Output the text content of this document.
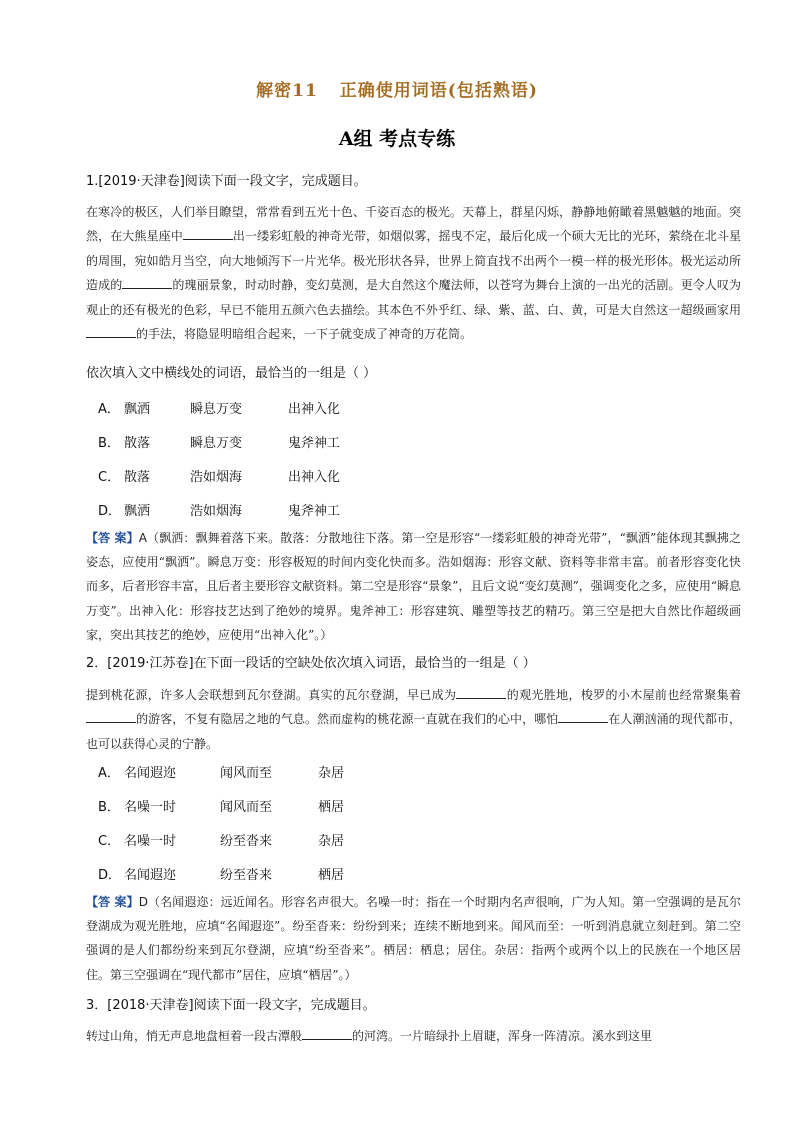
解密11 正确使用词语(包括熟语)
A组 考点专练
1.[2019·天津卷]阅读下面一段文字，完成题目。
在寒冷的极区，人们举目瞭望，常常看到五光十色、千姿百态的极光。天幕上，群星闪烁，静静地俯瞰着黑魆魆的地面。突然，在大熊星座中	出一缕彩虹般的神奇光带，如烟似雾，摇曳不定，最后化成一个硕大无比的光环，萦绕在北斗星的周围，宛如皓月当空，向大地倾泻下一片光华。极光形状各异，世界上简直找不出两个一模一样的极光形体。极光运动所造成的	的瑰丽景象，时动时静，变幻莫测，是大自然这个魔法师，以苍穹为舞台上演的一出光的活剧。更令人叹为观止的还有极光的色彩，早已不能用五颜六色去描绘。其本色不外乎红、绿、紫、蓝、白、黄，可是大自然这一超级画家用的手法，将隐显明暗组合起来，一下子就变成了神奇的万花筒。
依次填入文中横线处的词语，最恰当的一组是（ ）
A． 飘洒	瞬息万变	出神入化
B． 散落	瞬息万变	鬼斧神工
C． 散落	浩如烟海	出神入化
D． 飘洒	浩如烟海	鬼斧神工
【答 案】A（飘洒：飘舞着落下来。散落：分散地往下落。第一空是形容“一缕彩虹般的神奇光带”，“飘洒”能体现其飘拂之姿态，应使用“飘洒”。瞬息万变：形容极短的时间内变化快而多。浩如烟海：形容文献、资料等非常丰富。前者形容变化快而多，后者形容丰富，且后者主要形容文献资料。第二空是形容“景象”，且后文说“变幻莫测”，强调变化之多，应使用“瞬息万变”。出神入化：形容技艺达到了绝妙的境界。鬼斧神工：形容建筑、雕塑等技艺的精巧。第三空是把大自然比作超级画家，突出其技艺的绝妙，应使用“出神入化”。）
2．[2019·江苏卷]在下面一段话的空缺处依次填入词语，最恰当的一组是（ ）
提到桃花源，许多人会联想到瓦尔登湖。真实的瓦尔登湖，早已成为	的观光胜地，梭罗的小木屋前也经常聚集着的游客，不复有隐居之地的气息。然而虚构的桃花源一直就在我们的心中，哪怕	在人潮汹涌的现代都市，也可以获得心灵的宁静。
A． 名闻遐迩	闻风而至	杂居
B． 名噪一时	闻风而至	栖居
C． 名噪一时	纷至沓来	杂居
D． 名闻遐迩	纷至沓来	栖居
【答 案】D（名闻遐迩：远近闻名。形容名声很大。名噪一时：指在一个时期内名声很响，广为人知。第一空强调的是瓦尔登湖成为观光胜地，应填“名闻遐迩”。纷至沓来：纷纷到来；连续不断地到来。闻风而至：一听到消息就立刻赶到。第二空强调的是人们都纷纷来到瓦尔登湖，应填“纷至沓来”。栖居：栖息；居住。杂居：指两个或两个以上的民族在一个地区居住。第三空强调在“现代都市”居住，应填“栖居”。）
3．[2018·天津卷]阅读下面一段文字，完成题目。
转过山角，悄无声息地盘桓着一段古潭般	的河湾。一片暗绿扑上眉睫，浑身一阵清凉。溪水到这里
